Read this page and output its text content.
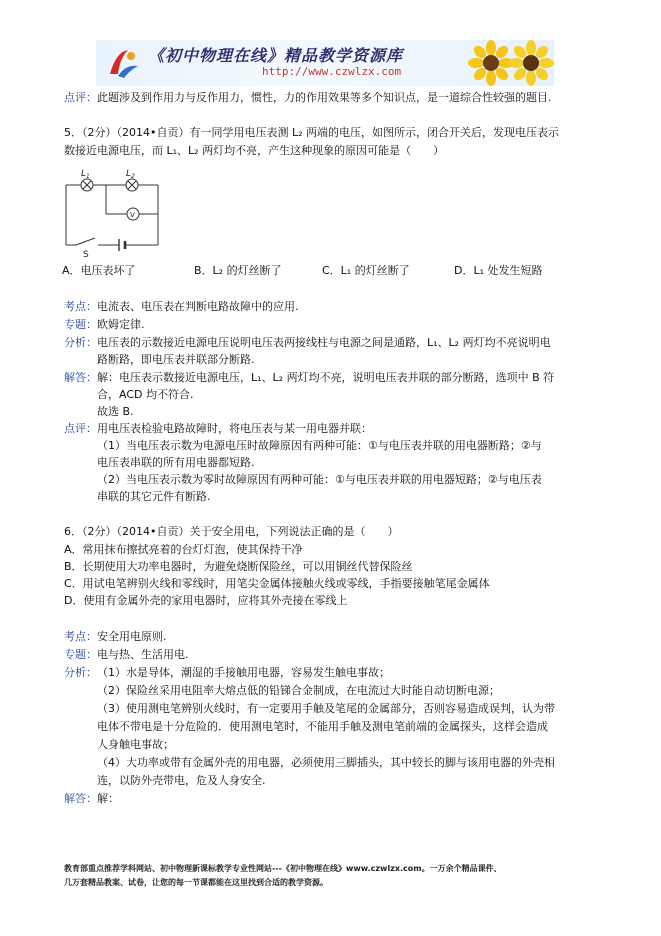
《初中物理在线》精品教学资源库
http://www.czwlzx.com
点评：此题涉及到作用力与反作用力，惯性，力的作用效果等多个知识点，是一道综合性较强的题目.
5．（2分）（2014•自贡）有一同学用电压表测 L₂ 两端的电压，如图所示，闭合开关后，发现电压表示
数接近电源电压，而 L₁、L₂ 两灯均不亮，产生这种现象的原因可能是（　　）
$L_1$	$L_2$
V
S
A．电压表坏了	B．L₂ 的灯丝断了	C．L₁ 的灯丝断了	D．L₁ 处发生短路
考点：电流表、电压表在判断电路故障中的应用.
专题：欧姆定律.
分析： 电压表的示数接近电源电压说明电压表两接线柱与电源之间是通路，L₁、L₂ 两灯均不亮说明电
路断路，即电压表并联部分断路.
解答： 解：电压表示数接近电源电压，L₁、L₂ 两灯均不亮，说明电压表并联的部分断路，选项中 B 符
合，ACD 均不符合.
故选 B.
点评： 用电压表检验电路故障时，将电压表与某一用电器并联：
（1）当电压表示数为电源电压时故障原因有两种可能：①与电压表并联的用电器断路；②与
电压表串联的所有用电器都短路.
（2）当电压表示数为零时故障原因有两种可能：①与电压表并联的用电器短路；②与电压表
串联的其它元件有断路.
6．（2分）（2014•自贡）关于安全用电，下列说法正确的是（　　）
A．常用抹布擦拭亮着的台灯灯泡，使其保持干净
B．长期使用大功率电器时，为避免烧断保险丝，可以用铜丝代替保险丝
C．用试电笔辨别火线和零线时，用笔尖金属体接触火线或零线，手指要接触笔尾金属体
D．使用有金属外壳的家用电器时，应将其外壳接在零线上
考点：安全用电原则.
专题：电与热、生活用电.
分析： （1）水是导体，潮湿的手接触用电器，容易发生触电事故；
（2）保险丝采用电阻率大熔点低的铅锑合金制成，在电流过大时能自动切断电源；
（3）使用测电笔辨别火线时，有一定要用手触及笔尾的金属部分，否则容易造成误判，认为带
电体不带电是十分危险的．使用测电笔时，不能用手触及测电笔前端的金属探头，这样会造成
人身触电事故；
（4）大功率或带有金属外壳的用电器，必须使用三脚插头，其中较长的脚与该用电器的外壳相
连，以防外壳带电，危及人身安全.
解答：解：
教育部重点推荐学科网站、初中物理新课标教学专业性网站---《初中物理在线》www.czwlzx.com。一万余个精品课件、
几万套精品教案、试卷，让您的每一节课都能在这里找到合适的教学资源。
